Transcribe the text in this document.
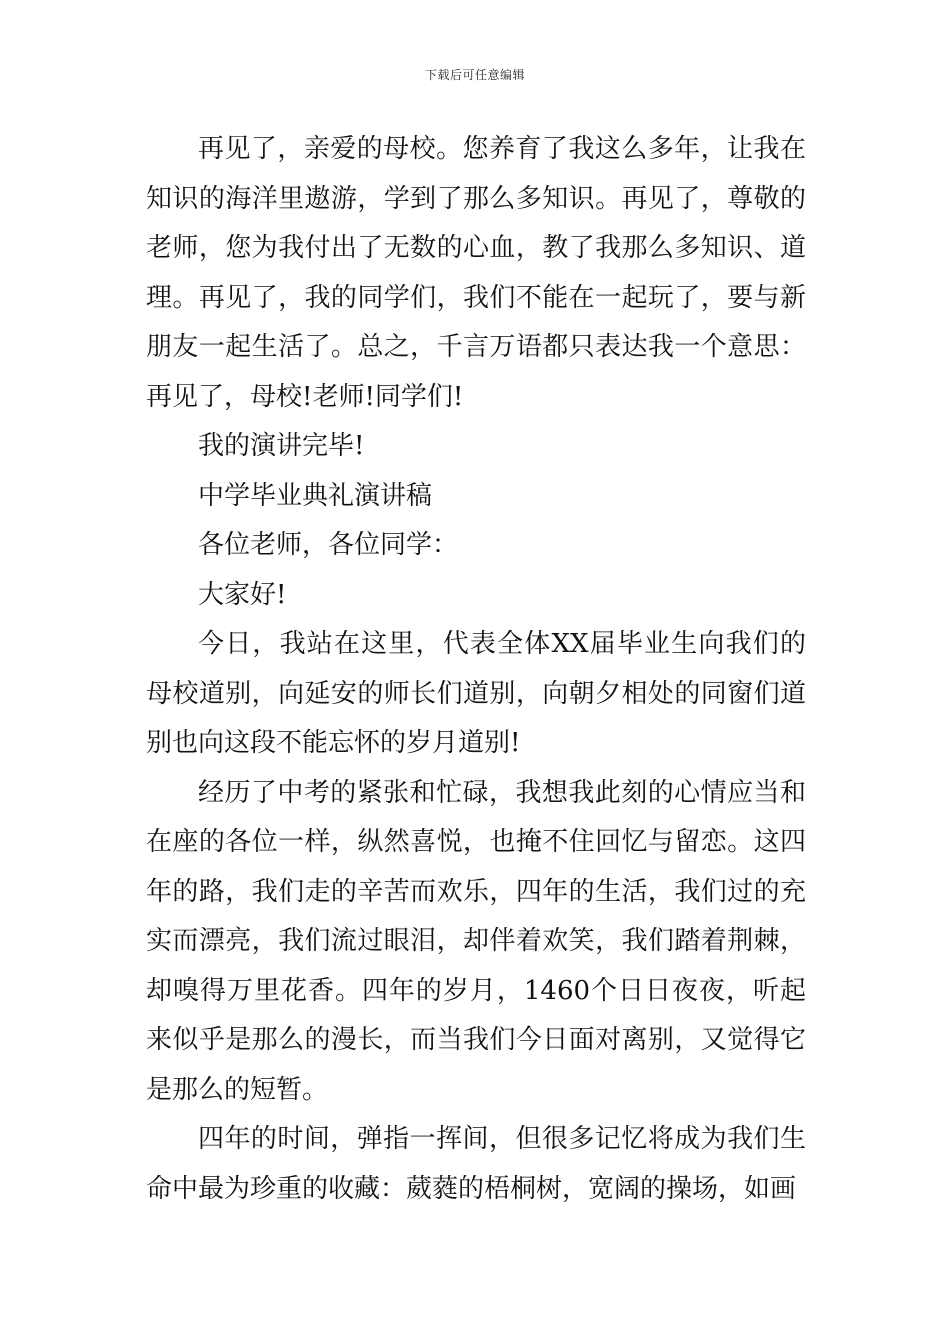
下载后可任意编辑

再见了，亲爱的母校。您养育了我这么多年，让我在知识的海洋里遨游，学到了那么多知识。再见了，尊敬的老师，您为我付出了无数的心血，教了我那么多知识、道理。再见了，我的同学们，我们不能在一起玩了，要与新朋友一起生活了。总之，千言万语都只表达我一个意思：再见了，母校!老师!同学们!

我的演讲完毕!

中学毕业典礼演讲稿

各位老师，各位同学：

大家好!

今日，我站在这里，代表全体XX届毕业生向我们的母校道别，向延安的师长们道别，向朝夕相处的同窗们道别也向这段不能忘怀的岁月道别!

经历了中考的紧张和忙碌，我想我此刻的心情应当和在座的各位一样，纵然喜悦，也掩不住回忆与留恋。这四年的路，我们走的辛苦而欢乐，四年的生活，我们过的充实而漂亮，我们流过眼泪，却伴着欢笑，我们踏着荆棘，却嗅得万里花香。四年的岁月，1460个日日夜夜，听起来似乎是那么的漫长，而当我们今日面对离别，又觉得它是那么的短暂。

四年的时间，弹指一挥间，但很多记忆将成为我们生命中最为珍重的收藏：葳蕤的梧桐树，宽阔的操场，如画
